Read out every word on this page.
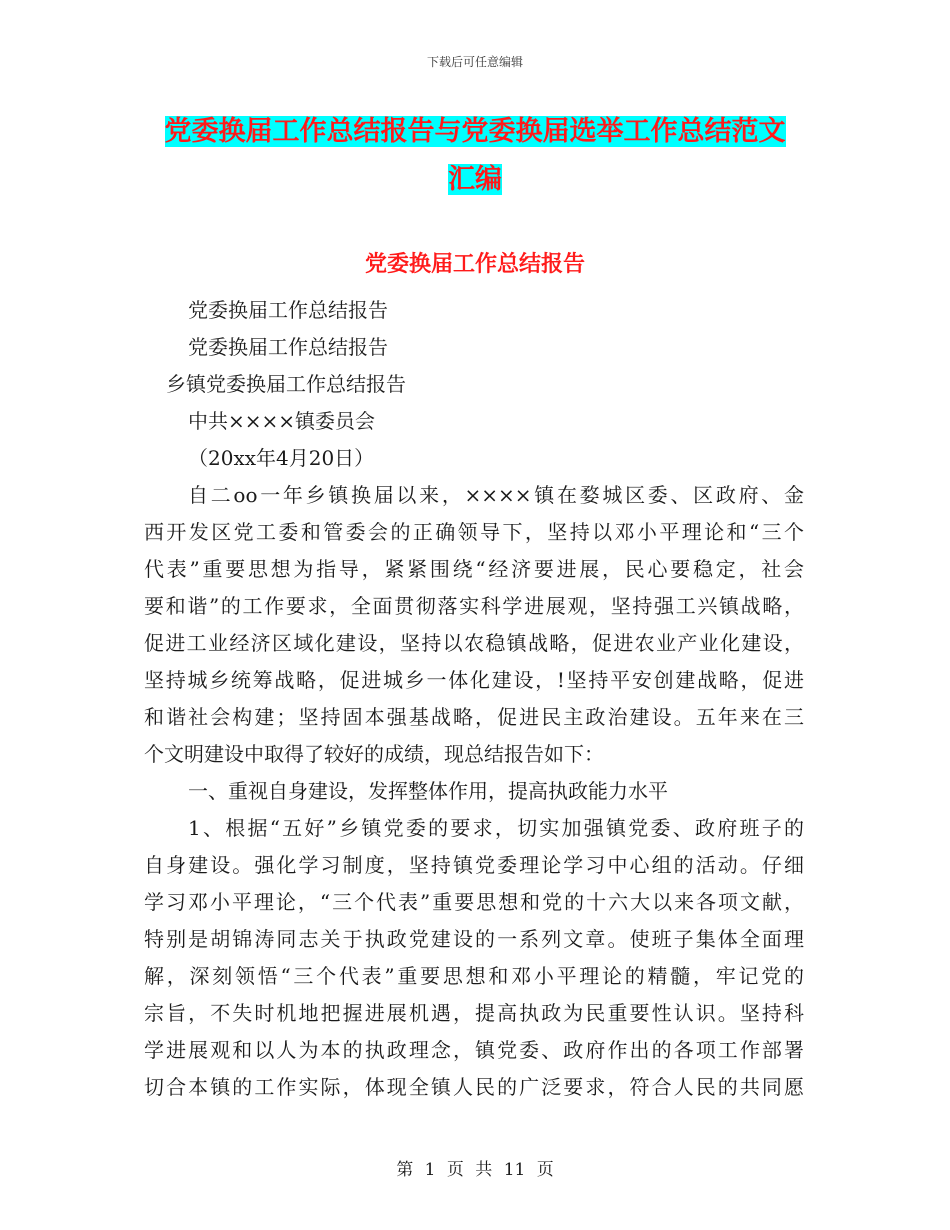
下载后可任意编辑
党委换届工作总结报告与党委换届选举工作总结范文
汇编
党委换届工作总结报告
党委换届工作总结报告
党委换届工作总结报告
乡镇党委换届工作总结报告
中共××××镇委员会
（20xx年4月20日）
自二oo一年乡镇换届以来，××××镇在婺城区委、区政府、金
西开发区党工委和管委会的正确领导下，坚持以邓小平理论和“三个
代表”重要思想为指导，紧紧围绕“经济要进展，民心要稳定，社会
要和谐”的工作要求，全面贯彻落实科学进展观，坚持强工兴镇战略，
促进工业经济区域化建设，坚持以农稳镇战略，促进农业产业化建设，
坚持城乡统筹战略，促进城乡一体化建设，!坚持平安创建战略，促进
和谐社会构建；坚持固本强基战略，促进民主政治建设。五年来在三
个文明建设中取得了较好的成绩，现总结报告如下：
一、重视自身建设，发挥整体作用，提高执政能力水平
1、根据“五好”乡镇党委的要求，切实加强镇党委、政府班子的
自身建设。强化学习制度，坚持镇党委理论学习中心组的活动。仔细
学习邓小平理论，“三个代表”重要思想和党的十六大以来各项文献，
特别是胡锦涛同志关于执政党建设的一系列文章。使班子集体全面理
解，深刻领悟“三个代表”重要思想和邓小平理论的精髓，牢记党的
宗旨，不失时机地把握进展机遇，提高执政为民重要性认识。坚持科
学进展观和以人为本的执政理念，镇党委、政府作出的各项工作部署
切合本镇的工作实际，体现全镇人民的广泛要求，符合人民的共同愿
第 1 页 共 11 页
